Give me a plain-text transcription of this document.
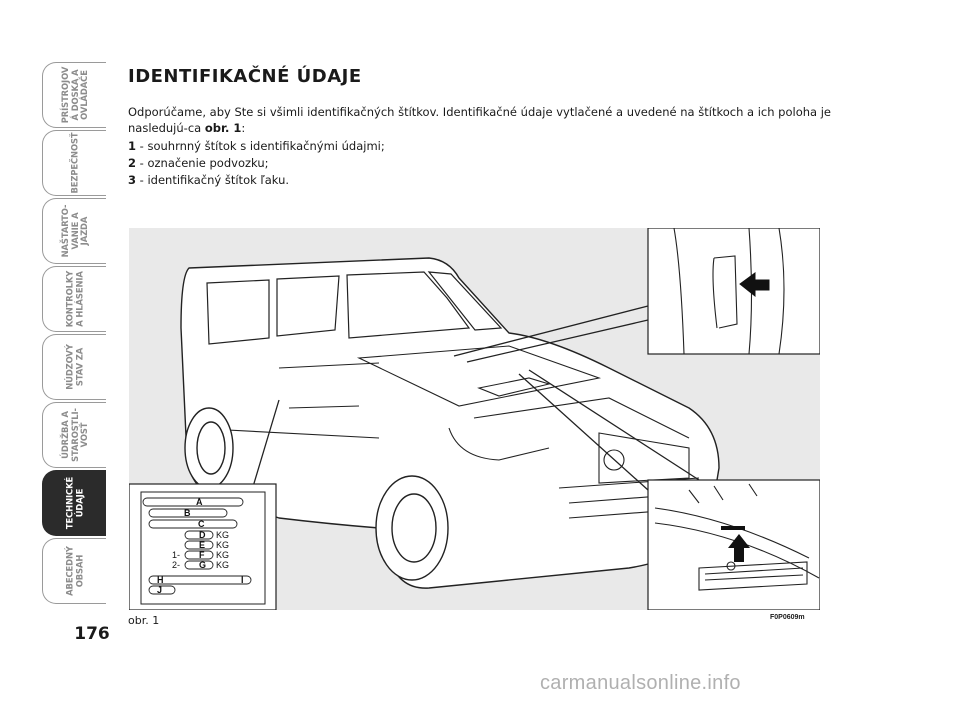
PRÍSTROJOV
Á DOSKA A
OVLÁDAČE
BEZPEČNOSŤ
NAŠTARTO-
VANIE A
JAZDA
KONTROLKY
A HLÁSENIA
NÚDZOVÝ
STAV ZA
ÚDRŽBA A
STAROSTLI-
VOSŤ
TECHNICKÉ
ÚDAJE
ABECEDNÝ
OBSAH
176
IDENTIFIKAČNÉ ÚDAJE

Odporúčame, aby Ste si všimli identifikačných štítkov. Identifikačné údaje vytlačené a uvedené na štítkoch a ich poloha je nasledujú-ca obr. 1:

1 - souhrnný štítok s identifikačnými údajmi;
2 - označenie podvozku;
3 - identifikačný štítok ľaku.
A
B
C
D
E
F
G
H	I
J
KG
KG
KG
KG
1-
2-
obr. 1	F0P0609m
carmanualsonline.info
